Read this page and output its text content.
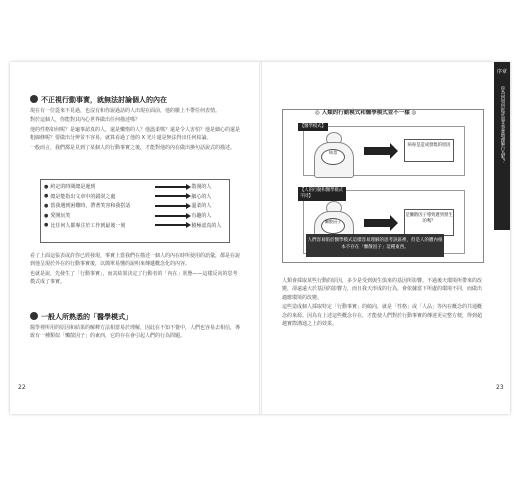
不正視行動事實，就無法討論個人的內在

現在有一位從來不見過，也沒有和你說過話的人出現在面前，他的臉上不帶任何表情。

對於這個人，你能對其內心世界做出任何描述嗎？

他的性格如何呢？是龜事認真的人，還是懶惰的人？他溫柔嗎？還是令人害怕？他是細心的還是粗線條呢？要做出分辨並不容易，就算看過了他的 X 光片還是無法得出任何結論。

一般而言，我們都是見到了某個人的行動事實之後，才能對他的內在做出換句話說式的描述。

● 約定的時間總是遲到	散漫的人
● 總是能指出文章中的錯誤之處	細心的人
● 當我遇到困難時，帶著笑容和我搭話	溫柔的人
● 愛開玩笑	有趣的人
● 比任何人都專注於工作到最後一刻	積極認真的人

看了上面這張表或許你已經發現，事實上當我們在描述一個人的內在時所使用的語彙，都是在說到他呈現於外在的行動事實後，以簡單易懂的說明來傳遞概念化的內容。

也就是說，先發生了「行動事實」，而其結果決定了行動者的「內在」狀態——這樣反向的思考模式成了事實。

一般人所熟悉的「醫學模式」

醫學裡所用的原因和結果的解釋方法相當易於理解，因此在不知不覺中，人們也容易去相信，導致有一種類似「懶散因子」的東西，它的存在會引起人們的行為問題。

22
◎ 人類的行動模式和醫學模式並不一樣 ◎
【醫學模式】
病毒
病毒是造成發燒的原因
【人的行動和醫學模式不同】
懶散因子
是懶散因子導致遲到發生的嗎？
人們容易陷於醫學模式這樣容易理解的思考誤區裡，但是人的體內根本不存在「懶散因子」這種東西。

人類會採取某些行動的原因，多少是受到與生俱來的基因所影響。不過後天環境所帶來的改變，卻遠遠大於基因的影響力，而且我天形成的行為，會依據當下所處的環境不同，而做出適應環境的改變。

這些造成個人採取特定「行動事實」的傾向，就是「性格」或「人品」等內在概念的共通概念的來源。因為有上述這些概念存在，才能使人們對於行動事實的傳達更完整方便，得到超越實際溝通之上的效果。

序章
你為何如何批評而非事實地理解行為呢？
23
